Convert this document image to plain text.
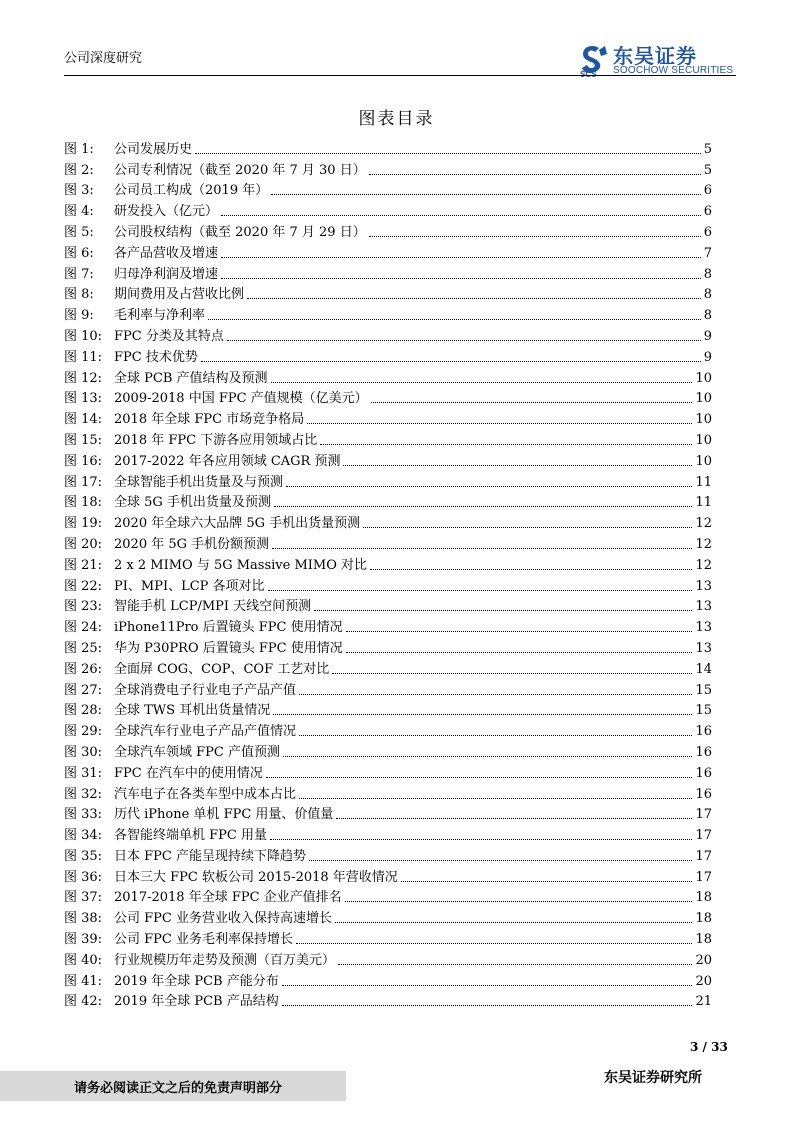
公司深度研究
SCS
东吴证券
SOOCHOW SECURITIES
图表目录
图 1:	公司发展历史	5
图 2:	公司专利情况（截至 2020 年 7 月 30 日）	5
图 3:	公司员工构成（2019 年）	6
图 4:	研发投入（亿元）	6
图 5:	公司股权结构（截至 2020 年 7 月 29 日）	6
图 6:	各产品营收及增速	7
图 7:	归母净利润及增速	8
图 8:	期间费用及占营收比例	8
图 9:	毛利率与净利率	8
图 10: FPC 分类及其特点	9
图 11: FPC 技术优势	9
图 12: 全球 PCB 产值结构及预测	10
图 13: 2009-2018 中国 FPC 产值规模（亿美元）	10
图 14: 2018 年全球 FPC 市场竞争格局	10
图 15: 2018 年 FPC 下游各应用领域占比	10
图 16: 2017-2022 年各应用领域 CAGR 预测	10
图 17: 全球智能手机出货量及与预测	11
图 18: 全球 5G 手机出货量及预测	11
图 19: 2020 年全球六大品牌 5G 手机出货量预测	12
图 20: 2020 年 5G 手机份额预测	12
图 21: 2 x 2 MIMO 与 5G Massive MIMO 对比	12
图 22: PI、MPI、LCP 各项对比	13
图 23: 智能手机 LCP/MPI 天线空间预测	13
图 24: iPhone11Pro 后置镜头 FPC 使用情况	13
图 25: 华为 P30PRO 后置镜头 FPC 使用情况	13
图 26: 全面屏 COG、COP、COF 工艺对比	14
图 27: 全球消费电子行业电子产品产值	15
图 28: 全球 TWS 耳机出货量情况	15
图 29: 全球汽车行业电子产品产值情况	16
图 30: 全球汽车领域 FPC 产值预测	16
图 31: FPC 在汽车中的使用情况	16
图 32: 汽车电子在各类车型中成本占比	16
图 33: 历代 iPhone 单机 FPC 用量、价值量	17
图 34: 各智能终端单机 FPC 用量	17
图 35: 日本 FPC 产能呈现持续下降趋势	17
图 36: 日本三大 FPC 软板公司 2015-2018 年营收情况	17
图 37: 2017-2018 年全球 FPC 企业产值排名	18
图 38: 公司 FPC 业务营业收入保持高速增长	18
图 39: 公司 FPC 业务毛利率保持增长	18
图 40: 行业规模历年走势及预测（百万美元）	20
图 41: 2019 年全球 PCB 产能分布	20
图 42: 2019 年全球 PCB 产品结构	21
3 / 33
请务必阅读正文之后的免责声明部分
东吴证券研究所
